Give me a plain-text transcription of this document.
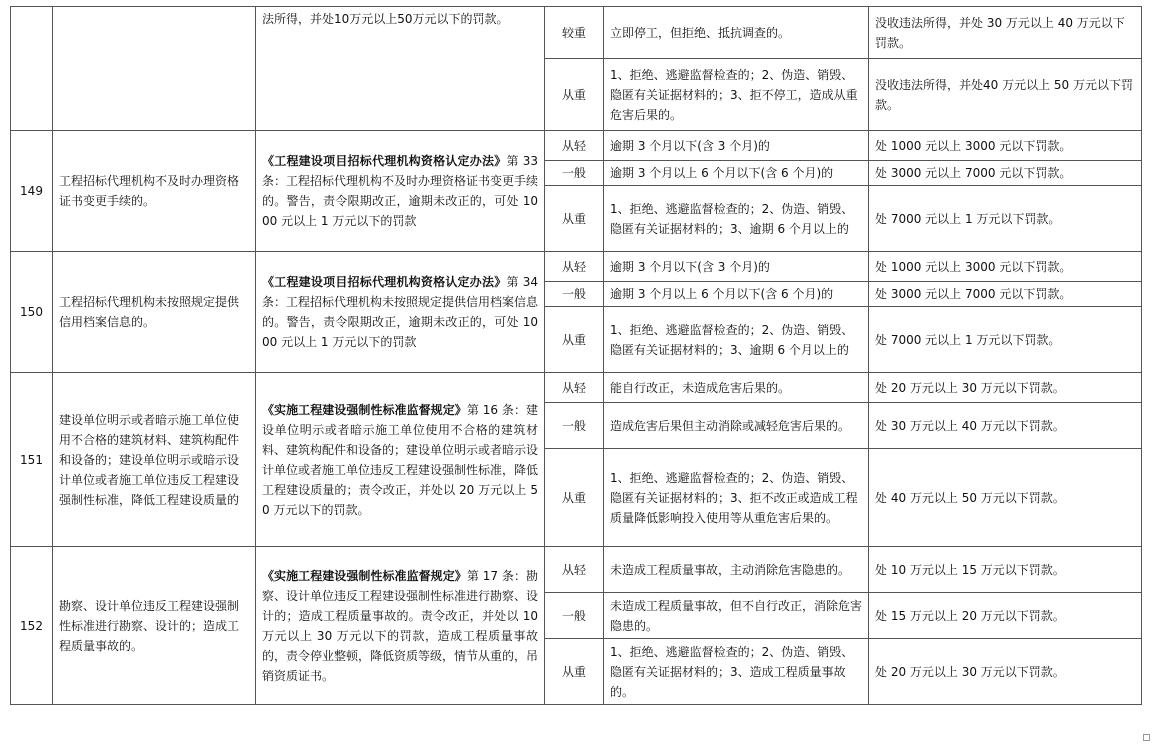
		法所得，并处10万元以上50万元以下的罚款。	较重	立即停工，但拒绝、抵抗调查的。	没收违法所得，并处 30 万元以上 40 万元以下罚款。
			从重	1、拒绝、逃避监督检查的；2、伪造、销毁、隐匿有关证据材料的；3、拒不停工，造成从重危害后果的。	没收违法所得，并处40 万元以上 50 万元以下罚款。
149	工程招标代理机构不及时办理资格证书变更手续的。	《工程建设项目招标代理机构资格认定办法》第 33 条：工程招标代理机构不及时办理资格证书变更手续的。警告，责令限期改正，逾期未改正的，可处 1000 元以上 1 万元以下的罚款	从轻	逾期 3 个月以下(含 3 个月)的	处 1000 元以上 3000 元以下罚款。
			一般	逾期 3 个月以上 6 个月以下(含 6 个月)的	处 3000 元以上 7000 元以下罚款。
			从重	1、拒绝、逃避监督检查的；2、伪造、销毁、隐匿有关证据材料的；3、逾期 6 个月以上的	处 7000 元以上 1 万元以下罚款。
150	工程招标代理机构未按照规定提供信用档案信息的。	《工程建设项目招标代理机构资格认定办法》第 34 条：工程招标代理机构未按照规定提供信用档案信息的。警告，责令限期改正，逾期未改正的，可处 1000 元以上 1 万元以下的罚款	从轻	逾期 3 个月以下(含 3 个月)的	处 1000 元以上 3000 元以下罚款。
			一般	逾期 3 个月以上 6 个月以下(含 6 个月)的	处 3000 元以上 7000 元以下罚款。
			从重	1、拒绝、逃避监督检查的；2、伪造、销毁、隐匿有关证据材料的；3、逾期 6 个月以上的	处 7000 元以上 1 万元以下罚款。
151	建设单位明示或者暗示施工单位使用不合格的建筑材料、建筑构配件和设备的；建设单位明示或暗示设计单位或者施工单位违反工程建设强制性标准，降低工程建设质量的	《实施工程建设强制性标准监督规定》第 16 条：建设单位明示或者暗示施工单位使用不合格的建筑材料、建筑构配件和设备的；建设单位明示或者暗示设计单位或者施工单位违反工程建设强制性标准，降低工程建设质量的；责令改正，并处以 20 万元以上 50 万元以下的罚款。	从轻	能自行改正，未造成危害后果的。	处 20 万元以上 30 万元以下罚款。
			一般	造成危害后果但主动消除或减轻危害后果的。	处 30 万元以上 40 万元以下罚款。
			从重	1、拒绝、逃避监督检查的；2、伪造、销毁、隐匿有关证据材料的；3、拒不改正或造成工程质量降低影响投入使用等从重危害后果的。	处 40 万元以上 50 万元以下罚款。
152	勘察、设计单位违反工程建设强制性标准进行勘察、设计的；造成工程质量事故的。	《实施工程建设强制性标准监督规定》第 17 条：勘察、设计单位违反工程建设强制性标准进行勘察、设计的；造成工程质量事故的。责令改正，并处以 10 万元以上 30 万元以下的罚款，造成工程质量事故的，责令停业整顿，降低资质等级，情节从重的，吊销资质证书。	从轻	未造成工程质量事故，主动消除危害隐患的。	处 10 万元以上 15 万元以下罚款。
			一般	未造成工程质量事故，但不自行改正，消除危害隐患的。	处 15 万元以上 20 万元以下罚款。
			从重	1、拒绝、逃避监督检查的；2、伪造、销毁、隐匿有关证据材料的；3、造成工程质量事故的。	处 20 万元以上 30 万元以下罚款。
